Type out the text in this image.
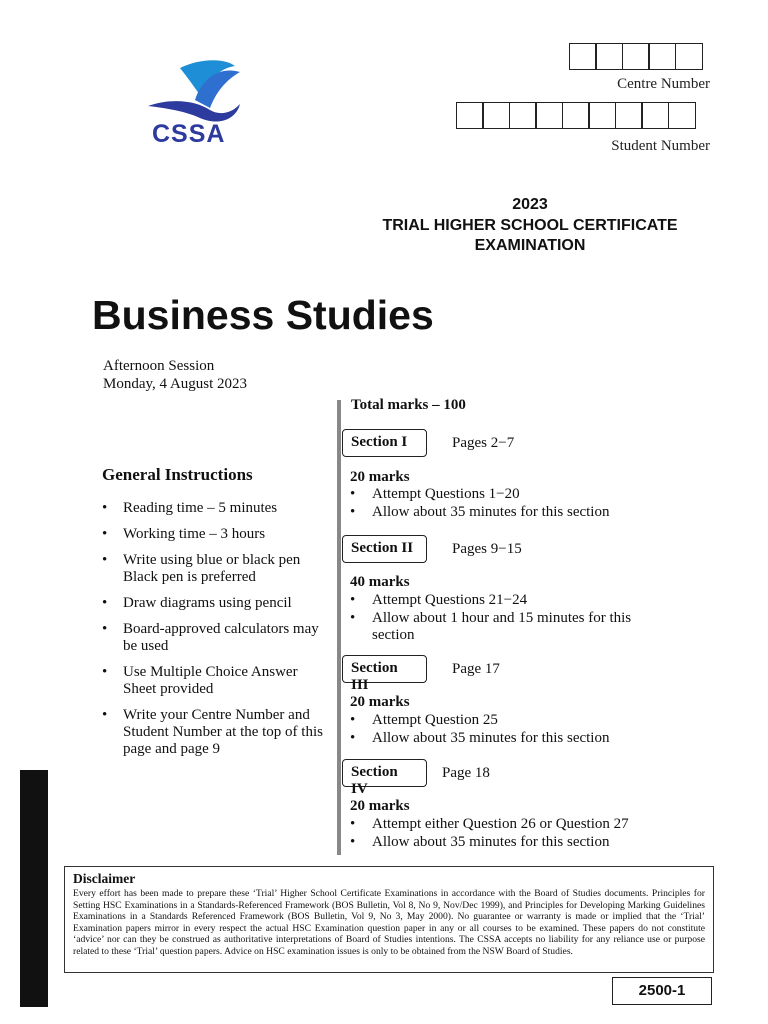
CSSA
Centre Number
Student Number
2023
TRIAL HIGHER SCHOOL CERTIFICATE
EXAMINATION
Business Studies
Afternoon Session
Monday, 4 August 2023
General Instructions
• Reading time – 5 minutes
• Working time – 3 hours
• Write using blue or black pen
Black pen is preferred
• Draw diagrams using pencil
• Board-approved calculators may be used
• Use Multiple Choice Answer Sheet provided
• Write your Centre Number and Student Number at the top of this page and page 9
Total marks – 100
Section I	Pages 2−7
20 marks
• Attempt Questions 1−20
• Allow about 35 minutes for this section
Section II	Pages 9−15
40 marks
• Attempt Questions 21−24
• Allow about 1 hour and 15 minutes for this section
Section III
Page 17
20 marks
• Attempt Question 25
• Allow about 35 minutes for this section
Section IV
Page 18
20 marks
• Attempt either Question 26 or Question 27
• Allow about 35 minutes for this section
Disclaimer

Every effort has been made to prepare these ‘Trial’ Higher School Certificate Examinations in accordance with the Board of Studies documents. Principles for Setting HSC Examinations in a Standards-Referenced Framework (BOS Bulletin, Vol 8, No 9, Nov/Dec 1999), and Principles for Developing Marking Guidelines Examinations in a Standards Referenced Framework (BOS Bulletin, Vol 9, No 3, May 2000). No guarantee or warranty is made or implied that the ‘Trial’ Examination papers mirror in every respect the actual HSC Examination question paper in any or all courses to be examined. These papers do not constitute ‘advice’ nor can they be construed as authoritative interpretations of Board of Studies intentions. The CSSA accepts no liability for any reliance use or purpose related to these ‘Trial’ question papers. Advice on HSC examination issues is only to be obtained from the NSW Board of Studies.

2500-1
